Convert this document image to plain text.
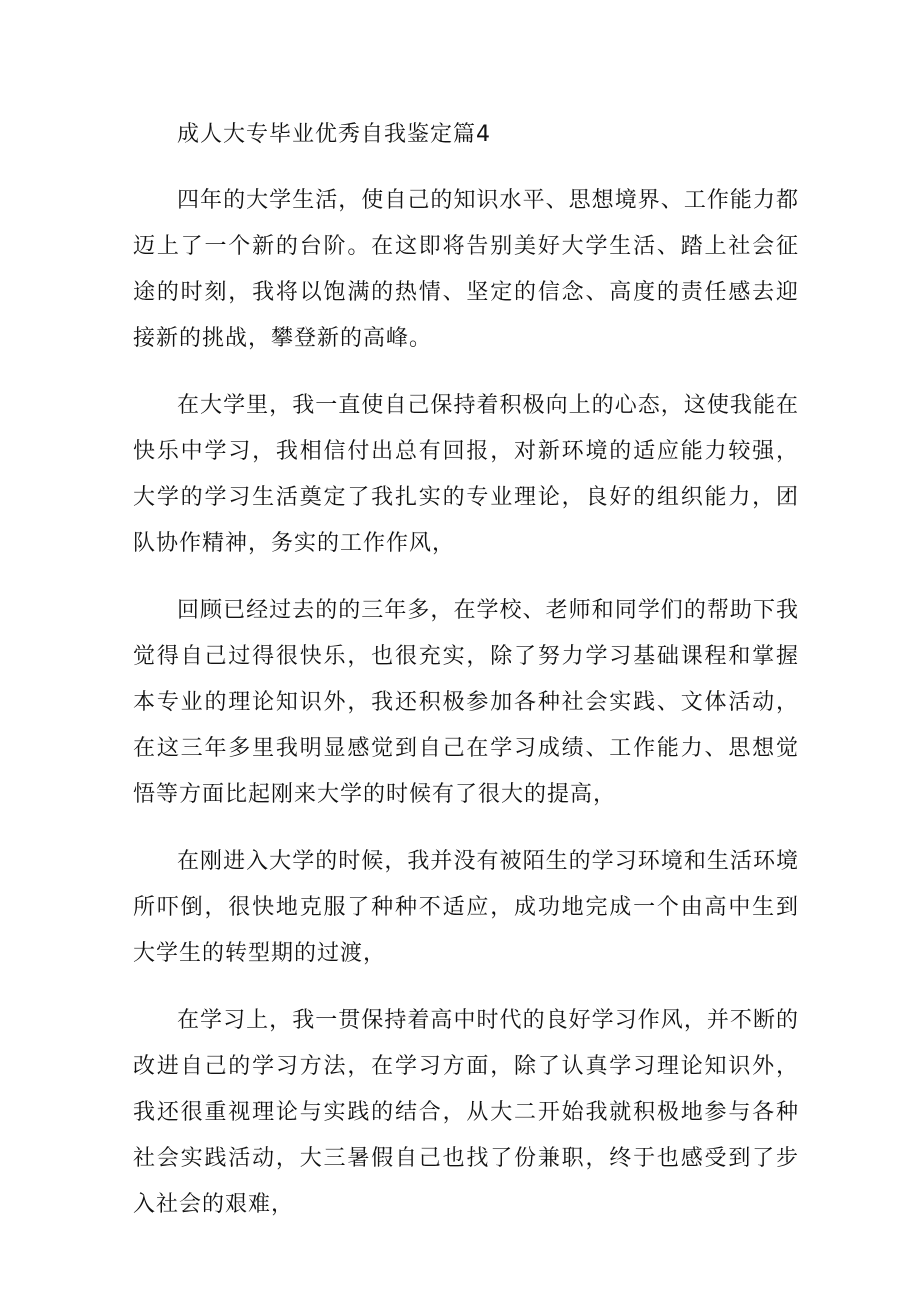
成人大专毕业优秀自我鉴定篇4

四年的大学生活，使自己的知识水平、思想境界、工作能力都迈上了一个新的台阶。在这即将告别美好大学生活、踏上社会征途的时刻，我将以饱满的热情、坚定的信念、高度的责任感去迎接新的挑战，攀登新的高峰。

在大学里，我一直使自己保持着积极向上的心态，这使我能在快乐中学习，我相信付出总有回报，对新环境的适应能力较强，大学的学习生活奠定了我扎实的专业理论，良好的组织能力，团队协作精神，务实的工作作风，

回顾已经过去的的三年多，在学校、老师和同学们的帮助下我觉得自己过得很快乐，也很充实，除了努力学习基础课程和掌握本专业的理论知识外，我还积极参加各种社会实践、文体活动，在这三年多里我明显感觉到自己在学习成绩、工作能力、思想觉悟等方面比起刚来大学的时候有了很大的提高，

在刚进入大学的时候，我并没有被陌生的学习环境和生活环境所吓倒，很快地克服了种种不适应，成功地完成一个由高中生到大学生的转型期的过渡，

在学习上，我一贯保持着高中时代的良好学习作风，并不断的改进自己的学习方法，在学习方面，除了认真学习理论知识外，我还很重视理论与实践的结合，从大二开始我就积极地参与各种社会实践活动，大三暑假自己也找了份兼职，终于也感受到了步入社会的艰难，
